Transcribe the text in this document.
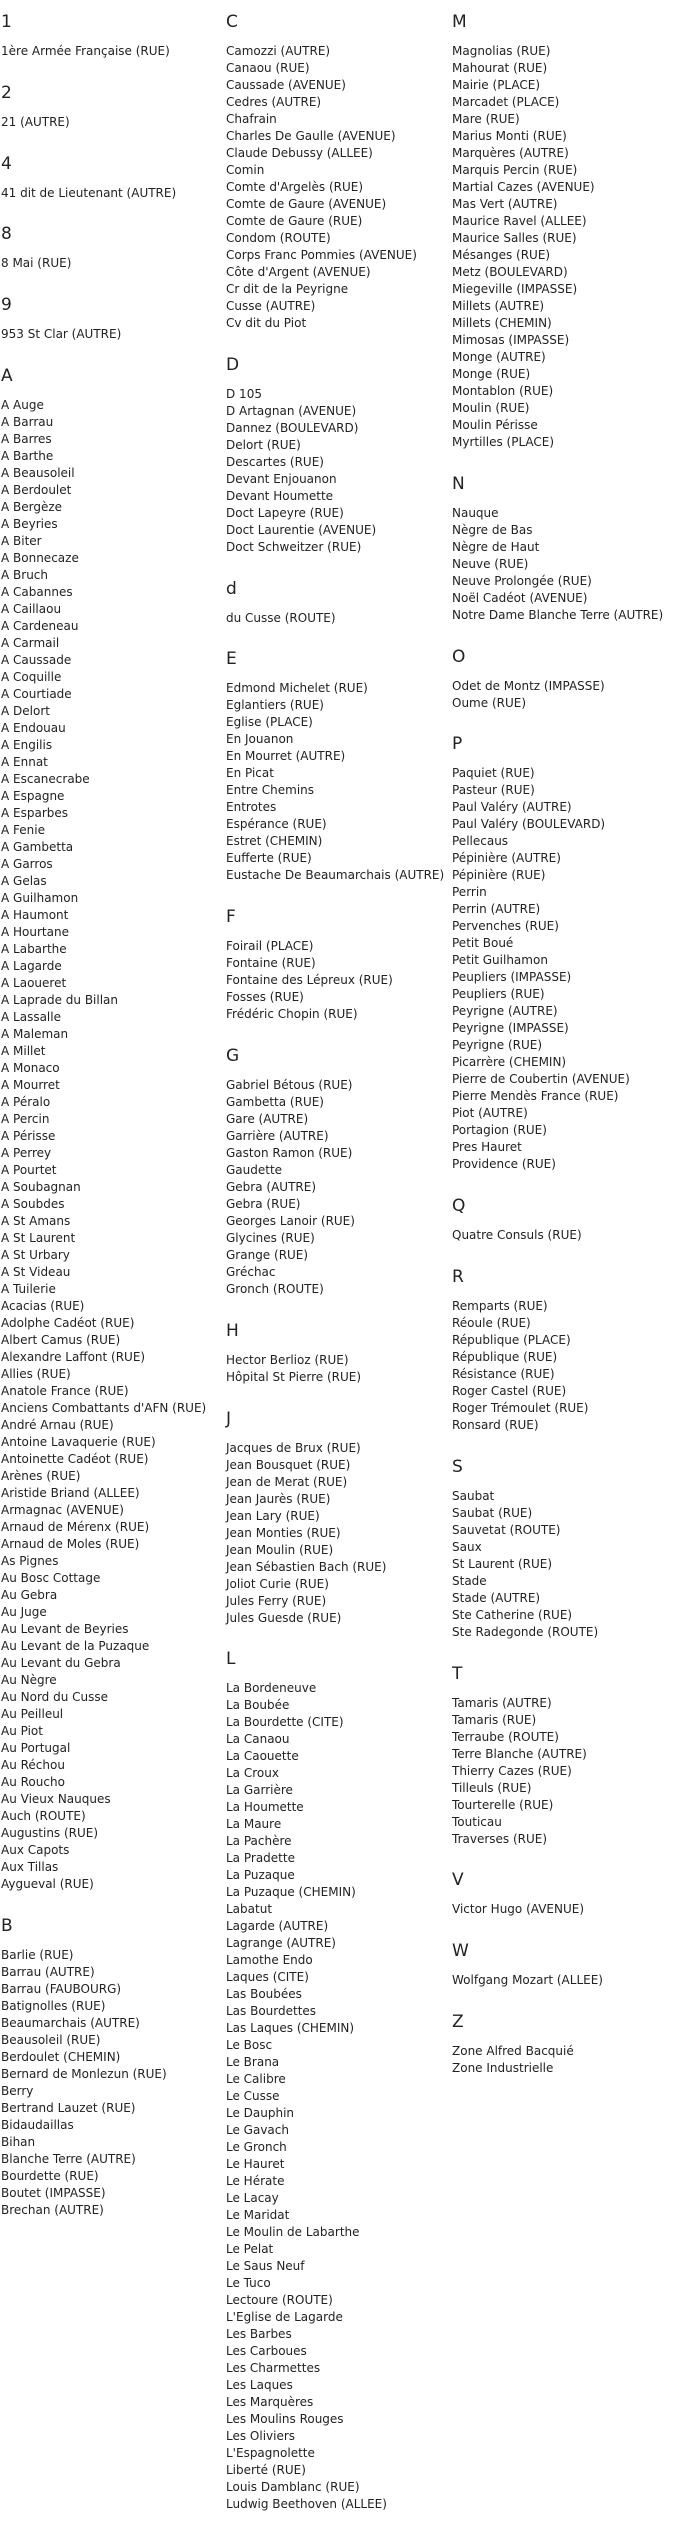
1
1ère Armée Française (RUE)
2
21 (AUTRE)
4
41 dit de Lieutenant (AUTRE)
8
8 Mai (RUE)
9
953 St Clar (AUTRE)
A
A Auge
A Barrau
A Barres
A Barthe
A Beausoleil
A Berdoulet
A Bergèze
A Beyries
A Biter
A Bonnecaze
A Bruch
A Cabannes
A Caillaou
A Cardeneau
A Carmail
A Caussade
A Coquille
A Courtiade
A Delort
A Endouau
A Engilis
A Ennat
A Escanecrabe
A Espagne
A Esparbes
A Fenie
A Gambetta
A Garros
A Gelas
A Guilhamon
A Haumont
A Hourtane
A Labarthe
A Lagarde
A Laoueret
A Laprade du Billan
A Lassalle
A Maleman
A Millet
A Monaco
A Mourret
A Péralo
A Percin
A Périsse
A Perrey
A Pourtet
A Soubagnan
A Soubdes
A St Amans
A St Laurent
A St Urbary
A St Videau
A Tuilerie
Acacias (RUE)
Adolphe Cadéot (RUE)
Albert Camus (RUE)
Alexandre Laffont (RUE)
Allies (RUE)
Anatole France (RUE)
Anciens Combattants d'AFN (RUE)
André Arnau (RUE)
Antoine Lavaquerie (RUE)
Antoinette Cadéot (RUE)
Arènes (RUE)
Aristide Briand (ALLEE)
Armagnac (AVENUE)
Arnaud de Mérenx (RUE)
Arnaud de Moles (RUE)
As Pignes
Au Bosc Cottage
Au Gebra
Au Juge
Au Levant de Beyries
Au Levant de la Puzaque
Au Levant du Gebra
Au Nègre
Au Nord du Cusse
Au Peilleul
Au Piot
Au Portugal
Au Réchou
Au Roucho
Au Vieux Nauques
Auch (ROUTE)
Augustins (RUE)
Aux Capots
Aux Tillas
Aygueval (RUE)
B
Barlie (RUE)
Barrau (AUTRE)
Barrau (FAUBOURG)
Batignolles (RUE)
Beaumarchais (AUTRE)
Beausoleil (RUE)
Berdoulet (CHEMIN)
Bernard de Monlezun (RUE)
Berry
Bertrand Lauzet (RUE)
Bidaudaillas
Bihan
Blanche Terre (AUTRE)
Bourdette (RUE)
Boutet (IMPASSE)
Brechan (AUTRE)
C
Camozzi (AUTRE)
Canaou (RUE)
Caussade (AVENUE)
Cedres (AUTRE)
Chafrain
Charles De Gaulle (AVENUE)
Claude Debussy (ALLEE)
Comin
Comte d'Argelès (RUE)
Comte de Gaure (AVENUE)
Comte de Gaure (RUE)
Condom (ROUTE)
Corps Franc Pommies (AVENUE)
Côte d'Argent (AVENUE)
Cr dit de la Peyrigne
Cusse (AUTRE)
Cv dit du Piot
D
D 105
D Artagnan (AVENUE)
Dannez (BOULEVARD)
Delort (RUE)
Descartes (RUE)
Devant Enjouanon
Devant Houmette
Doct Lapeyre (RUE)
Doct Laurentie (AVENUE)
Doct Schweitzer (RUE)
d
du Cusse (ROUTE)
E
Edmond Michelet (RUE)
Eglantiers (RUE)
Eglise (PLACE)
En Jouanon
En Mourret (AUTRE)
En Picat
Entre Chemins
Entrotes
Espérance (RUE)
Estret (CHEMIN)
Eufferte (RUE)
Eustache De Beaumarchais (AUTRE)
F
Foirail (PLACE)
Fontaine (RUE)
Fontaine des Lépreux (RUE)
Fosses (RUE)
Frédéric Chopin (RUE)
G
Gabriel Bétous (RUE)
Gambetta (RUE)
Gare (AUTRE)
Garrière (AUTRE)
Gaston Ramon (RUE)
Gaudette
Gebra (AUTRE)
Gebra (RUE)
Georges Lanoir (RUE)
Glycines (RUE)
Grange (RUE)
Gréchac
Gronch (ROUTE)
H
Hector Berlioz (RUE)
Hôpital St Pierre (RUE)
J
Jacques de Brux (RUE)
Jean Bousquet (RUE)
Jean de Merat (RUE)
Jean Jaurès (RUE)
Jean Lary (RUE)
Jean Monties (RUE)
Jean Moulin (RUE)
Jean Sébastien Bach (RUE)
Joliot Curie (RUE)
Jules Ferry (RUE)
Jules Guesde (RUE)
L
La Bordeneuve
La Boubée
La Bourdette (CITE)
La Canaou
La Caouette
La Croux
La Garrière
La Houmette
La Maure
La Pachère
La Pradette
La Puzaque
La Puzaque (CHEMIN)
Labatut
Lagarde (AUTRE)
Lagrange (AUTRE)
Lamothe Endo
Laques (CITE)
Las Boubées
Las Bourdettes
Las Laques (CHEMIN)
Le Bosc
Le Brana
Le Calibre
Le Cusse
Le Dauphin
Le Gavach
Le Gronch
Le Hauret
Le Hérate
Le Lacay
Le Maridat
Le Moulin de Labarthe
Le Pelat
Le Saus Neuf
Le Tuco
Lectoure (ROUTE)
L'Eglise de Lagarde
Les Barbes
Les Carboues
Les Charmettes
Les Laques
Les Marquères
Les Moulins Rouges
Les Oliviers
L'Espagnolette
Liberté (RUE)
Louis Damblanc (RUE)
Ludwig Beethoven (ALLEE)
M
Magnolias (RUE)
Mahourat (RUE)
Mairie (PLACE)
Marcadet (PLACE)
Mare (RUE)
Marius Monti (RUE)
Marquères (AUTRE)
Marquis Percin (RUE)
Martial Cazes (AVENUE)
Mas Vert (AUTRE)
Maurice Ravel (ALLEE)
Maurice Salles (RUE)
Mésanges (RUE)
Metz (BOULEVARD)
Miegeville (IMPASSE)
Millets (AUTRE)
Millets (CHEMIN)
Mimosas (IMPASSE)
Monge (AUTRE)
Monge (RUE)
Montablon (RUE)
Moulin (RUE)
Moulin Périsse
Myrtilles (PLACE)
N
Nauque
Nègre de Bas
Nègre de Haut
Neuve (RUE)
Neuve Prolongée (RUE)
Noël Cadéot (AVENUE)
Notre Dame Blanche Terre (AUTRE)
O
Odet de Montz (IMPASSE)
Oume (RUE)
P
Paquiet (RUE)
Pasteur (RUE)
Paul Valéry (AUTRE)
Paul Valéry (BOULEVARD)
Pellecaus
Pépinière (AUTRE)
Pépinière (RUE)
Perrin
Perrin (AUTRE)
Pervenches (RUE)
Petit Boué
Petit Guilhamon
Peupliers (IMPASSE)
Peupliers (RUE)
Peyrigne (AUTRE)
Peyrigne (IMPASSE)
Peyrigne (RUE)
Picarrère (CHEMIN)
Pierre de Coubertin (AVENUE)
Pierre Mendès France (RUE)
Piot (AUTRE)
Portagion (RUE)
Pres Hauret
Providence (RUE)
Q
Quatre Consuls (RUE)
R
Remparts (RUE)
Réoule (RUE)
République (PLACE)
République (RUE)
Résistance (RUE)
Roger Castel (RUE)
Roger Trémoulet (RUE)
Ronsard (RUE)
S
Saubat
Saubat (RUE)
Sauvetat (ROUTE)
Saux
St Laurent (RUE)
Stade
Stade (AUTRE)
Ste Catherine (RUE)
Ste Radegonde (ROUTE)
T
Tamaris (AUTRE)
Tamaris (RUE)
Terraube (ROUTE)
Terre Blanche (AUTRE)
Thierry Cazes (RUE)
Tilleuls (RUE)
Tourterelle (RUE)
Touticau
Traverses (RUE)
V
Victor Hugo (AVENUE)
W
Wolfgang Mozart (ALLEE)
Z
Zone Alfred Bacquié
Zone Industrielle
